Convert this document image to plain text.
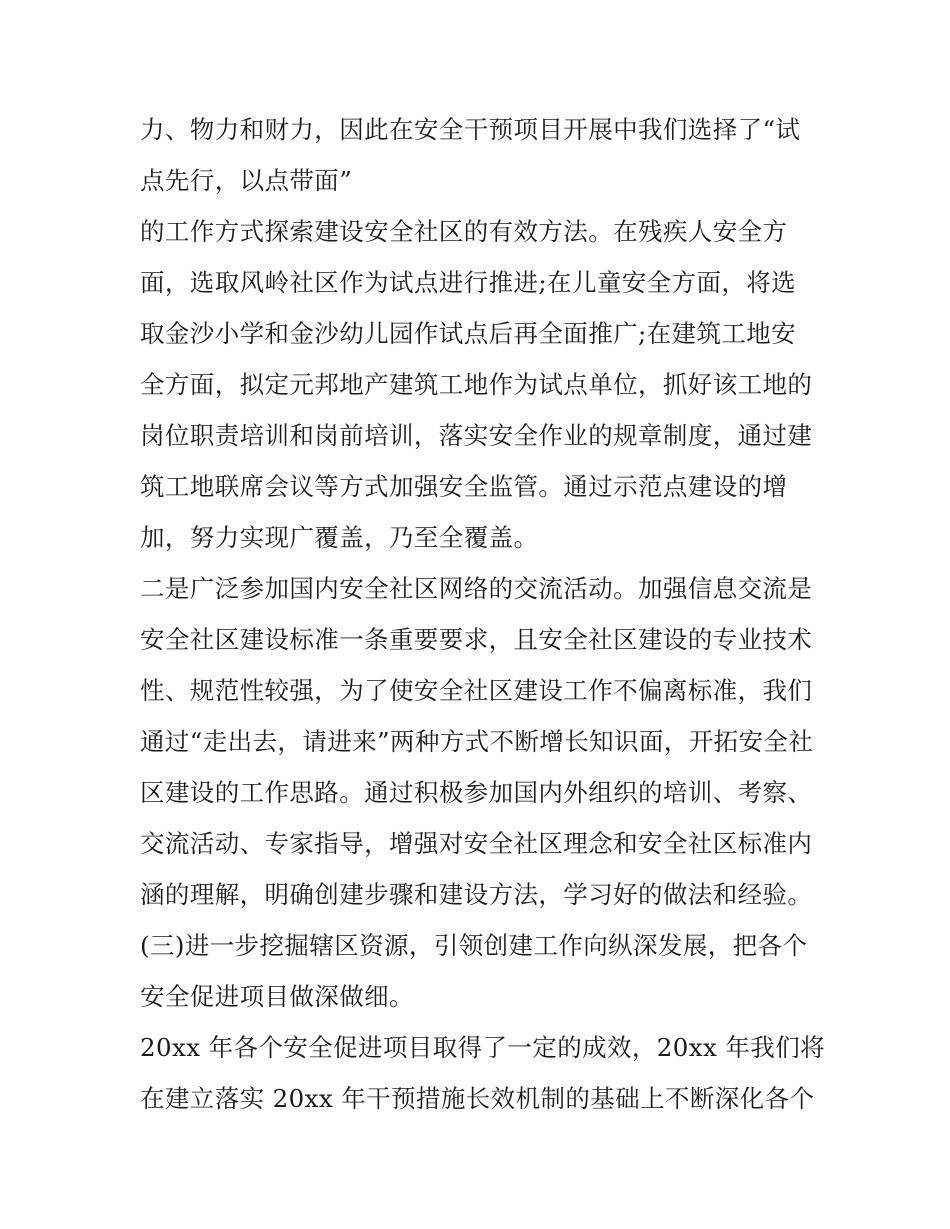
力、物力和财力，因此在安全干预项目开展中我们选择了“试
点先行，以点带面”
的工作方式探索建设安全社区的有效方法。在残疾人安全方
面，选取风岭社区作为试点进行推进;在儿童安全方面，将选
取金沙小学和金沙幼儿园作试点后再全面推广;在建筑工地安
全方面，拟定元邦地产建筑工地作为试点单位，抓好该工地的
岗位职责培训和岗前培训，落实安全作业的规章制度，通过建
筑工地联席会议等方式加强安全监管。通过示范点建设的增
加，努力实现广覆盖，乃至全覆盖。
二是广泛参加国内安全社区网络的交流活动。加强信息交流是
安全社区建设标准一条重要要求，且安全社区建设的专业技术
性、规范性较强，为了使安全社区建设工作不偏离标准，我们
通过“走出去，请进来”两种方式不断增长知识面，开拓安全社
区建设的工作思路。通过积极参加国内外组织的培训、考察、
交流活动、专家指导，增强对安全社区理念和安全社区标准内
涵的理解，明确创建步骤和建设方法，学习好的做法和经验。
(三)进一步挖掘辖区资源，引领创建工作向纵深发展，把各个
安全促进项目做深做细。
20xx 年各个安全促进项目取得了一定的成效，20xx 年我们将
在建立落实 20xx 年干预措施长效机制的基础上不断深化各个
